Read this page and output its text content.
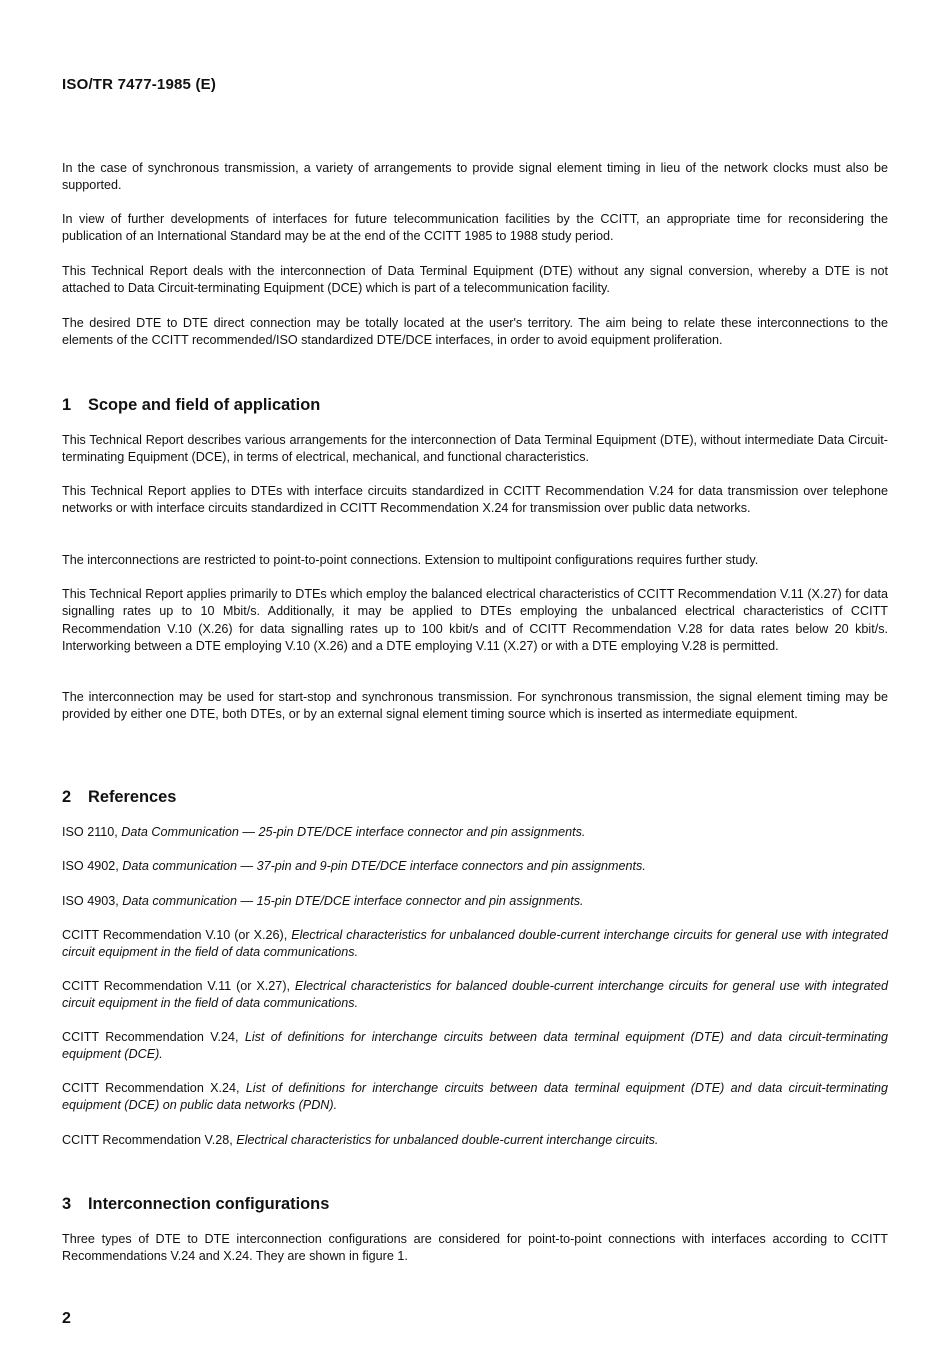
ISO/TR 7477-1985 (E)

In the case of synchronous transmission, a variety of arrangements to provide signal element timing in lieu of the network clocks must also be supported.

In view of further developments of interfaces for future telecommunication facilities by the CCITT, an appropriate time for reconsidering the publication of an International Standard may be at the end of the CCITT 1985 to 1988 study period.

This Technical Report deals with the interconnection of Data Terminal Equipment (DTE) without any signal conversion, whereby a DTE is not attached to Data Circuit-terminating Equipment (DCE) which is part of a telecommunication facility.

The desired DTE to DTE direct connection may be totally located at the user's territory. The aim being to relate these interconnections to the elements of the CCITT recommended/ISO standardized DTE/DCE interfaces, in order to avoid equipment proliferation.

1 Scope and field of application

This Technical Report describes various arrangements for the interconnection of Data Terminal Equipment (DTE), without intermediate Data Circuit-terminating Equipment (DCE), in terms of electrical, mechanical, and functional characteristics.

This Technical Report applies to DTEs with interface circuits standardized in CCITT Recommendation V.24 for data transmission over telephone networks or with interface circuits standardized in CCITT Recommendation X.24 for transmission over public data networks.

The interconnections are restricted to point-to-point connections. Extension to multipoint configurations requires further study.

This Technical Report applies primarily to DTEs which employ the balanced electrical characteristics of CCITT Recommendation V.11 (X.27) for data signalling rates up to 10 Mbit/s. Additionally, it may be applied to DTEs employing the unbalanced electrical characteristics of CCITT Recommendation V.10 (X.26) for data signalling rates up to 100 kbit/s and of CCITT Recommendation V.28 for data rates below 20 kbit/s. Interworking between a DTE employing V.10 (X.26) and a DTE employing V.11 (X.27) or with a DTE employing V.28 is permitted.

The interconnection may be used for start-stop and synchronous transmission. For synchronous transmission, the signal element timing may be provided by either one DTE, both DTEs, or by an external signal element timing source which is inserted as intermediate equipment.

2 References

ISO 2110, Data Communication — 25-pin DTE/DCE interface connector and pin assignments.

ISO 4902, Data communication — 37-pin and 9-pin DTE/DCE interface connectors and pin assignments.

ISO 4903, Data communication — 15-pin DTE/DCE interface connector and pin assignments.

CCITT Recommendation V.10 (or X.26), Electrical characteristics for unbalanced double-current interchange circuits for general use with integrated circuit equipment in the field of data communications.

CCITT Recommendation V.11 (or X.27), Electrical characteristics for balanced double-current interchange circuits for general use with integrated circuit equipment in the field of data communications.

CCITT Recommendation V.24, List of definitions for interchange circuits between data terminal equipment (DTE) and data circuit-terminating equipment (DCE).

CCITT Recommendation X.24, List of definitions for interchange circuits between data terminal equipment (DTE) and data circuit-terminating equipment (DCE) on public data networks (PDN).

CCITT Recommendation V.28, Electrical characteristics for unbalanced double-current interchange circuits.

3 Interconnection configurations

Three types of DTE to DTE interconnection configurations are considered for point-to-point connections with interfaces according to CCITT Recommendations V.24 and X.24. They are shown in figure 1.

2
